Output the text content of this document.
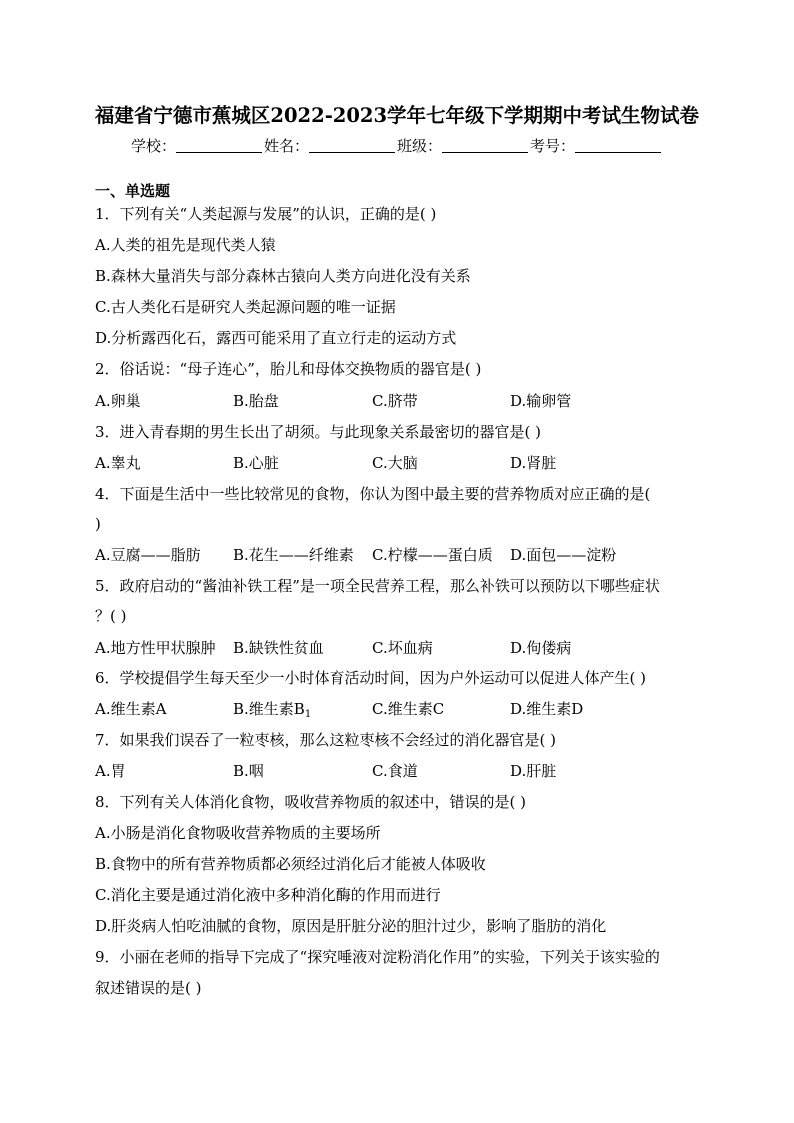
福建省宁德市蕉城区2022-2023学年七年级下学期期中考试生物试卷
学校：	姓名：	班级：	考号：
一、单选题
1．下列有关“人类起源与发展”的认识，正确的是( )
A.人类的祖先是现代类人猿
B.森林大量消失与部分森林古猿向人类方向进化没有关系
C.古人类化石是研究人类起源问题的唯一证据
D.分析露西化石，露西可能采用了直立行走的运动方式
2．俗话说：“母子连心”，胎儿和母体交换物质的器官是( )
A.卵巢	B.胎盘	C.脐带	D.输卵管
3．进入青春期的男生长出了胡须。与此现象关系最密切的器官是( )
A.睾丸	B.心脏	C.大脑	D.肾脏
4．下面是生活中一些比较常见的食物，你认为图中最主要的营养物质对应正确的是(
)
A.豆腐——脂肪 B.花生——纤维素 C.柠檬——蛋白质 D.面包——淀粉
5．政府启动的“酱油补铁工程”是一项全民营养工程，那么补铁可以预防以下哪些症状
？( )
A.地方性甲状腺肿 B.缺铁性贫血	C.坏血病	D.佝偻病
6．学校提倡学生每天至少一小时体育活动时间，因为户外运动可以促进人体产生( )
A.维生素A	B.维生素$B_1$	C.维生素C	D.维生素D
7．如果我们误吞了一粒枣核，那么这粒枣核不会经过的消化器官是( )
A.胃	B.咽	C.食道	D.肝脏
8．下列有关人体消化食物，吸收营养物质的叙述中，错误的是( )
A.小肠是消化食物吸收营养物质的主要场所
B.食物中的所有营养物质都必须经过消化后才能被人体吸收
C.消化主要是通过消化液中多种消化酶的作用而进行
D.肝炎病人怕吃油腻的食物，原因是肝脏分泌的胆汁过少，影响了脂肪的消化
9．小丽在老师的指导下完成了“探究唾液对淀粉消化作用”的实验，下列关于该实验的
叙述错误的是( )
